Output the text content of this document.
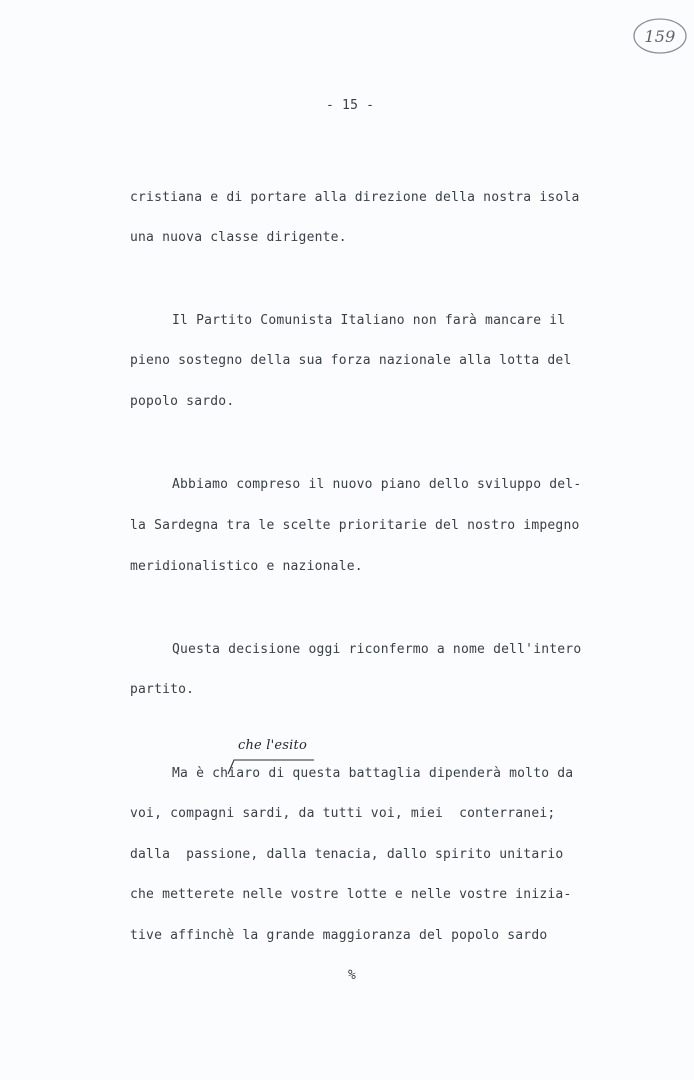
159
- 15 -
cristiana e di portare alla direzione della nostra isola
una nuova classe dirigente.
Il Partito Comunista Italiano non farà mancare il
pieno sostegno della sua forza nazionale alla lotta del
popolo sardo.
Abbiamo compreso il nuovo piano dello sviluppo del-
la Sardegna tra le scelte prioritarie del nostro impegno
meridionalistico e nazionale.
Questa decisione oggi riconfermo a nome dell'intero
partito.
che l'esito
Ma è chiaro di questa battaglia dipenderà molto da
voi, compagni sardi, da tutti voi, miei  conterranei;
dalla  passione, dalla tenacia, dallo spirito unitario
che metterete nelle vostre lotte e nelle vostre inizia-
tive affinchè la grande maggioranza del popolo sardo
%
